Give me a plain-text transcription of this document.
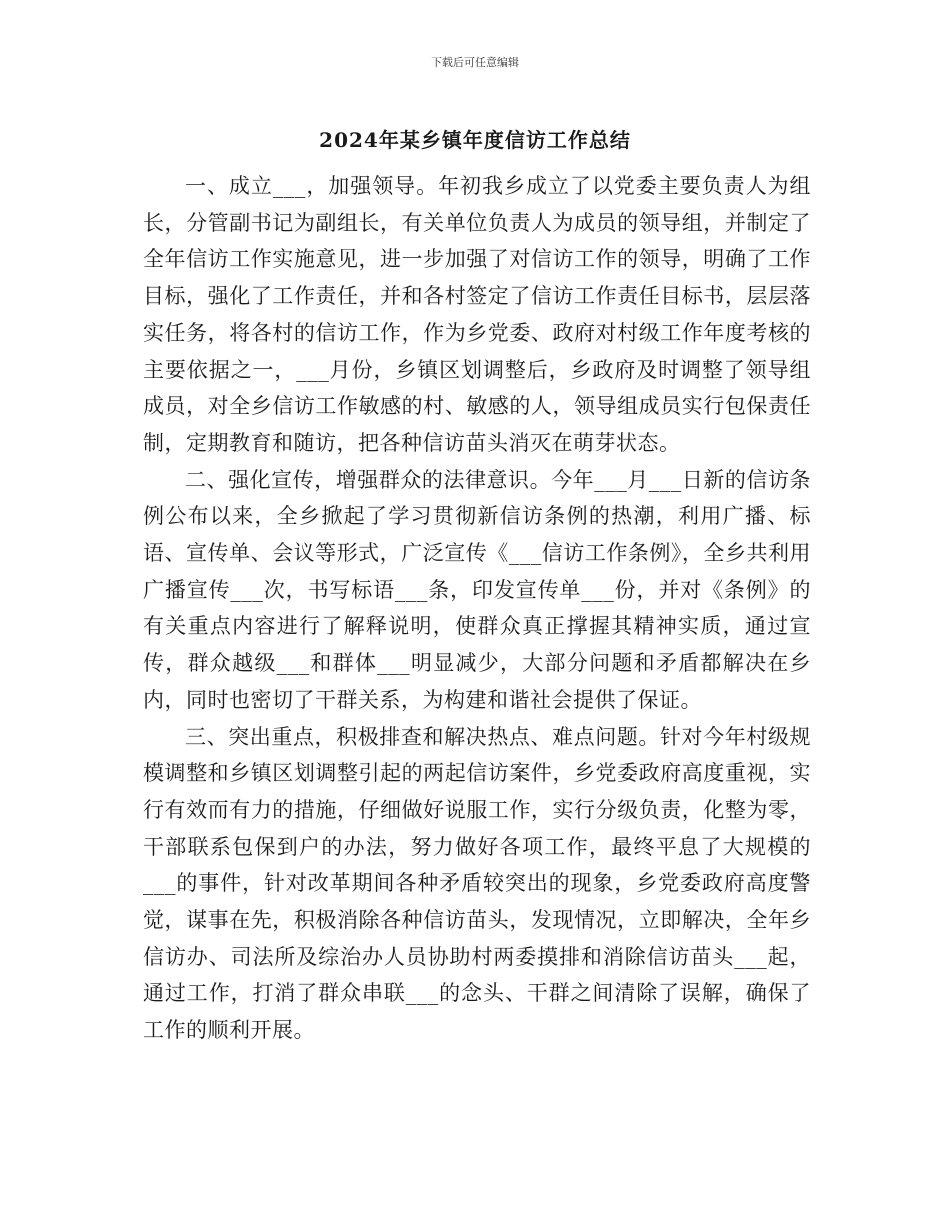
下载后可任意编辑
2024年某乡镇年度信访工作总结

一、成立___，加强领导。年初我乡成立了以党委主要负责人为组长，分管副书记为副组长，有关单位负责人为成员的领导组，并制定了全年信访工作实施意见，进一步加强了对信访工作的领导，明确了工作目标，强化了工作责任，并和各村签定了信访工作责任目标书，层层落实任务，将各村的信访工作，作为乡党委、政府对村级工作年度考核的主要依据之一，___月份，乡镇区划调整后，乡政府及时调整了领导组成员，对全乡信访工作敏感的村、敏感的人，领导组成员实行包保责任制，定期教育和随访，把各种信访苗头消灭在萌芽状态。

二、强化宣传，增强群众的法律意识。今年___月___日新的信访条例公布以来，全乡掀起了学习贯彻新信访条例的热潮，利用广播、标语、宣传单、会议等形式，广泛宣传《___信访工作条例》，全乡共利用广播宣传___次，书写标语___条，印发宣传单___份，并对《条例》的有关重点内容进行了解释说明，使群众真正撑握其精神实质，通过宣传，群众越级___和群体___明显减少，大部分问题和矛盾都解决在乡内，同时也密切了干群关系，为构建和谐社会提供了保证。

三、突出重点，积极排查和解决热点、难点问题。针对今年村级规模调整和乡镇区划调整引起的两起信访案件，乡党委政府高度重视，实行有效而有力的措施，仔细做好说服工作，实行分级负责，化整为零，干部联系包保到户的办法，努力做好各项工作，最终平息了大规模的___的事件，针对改革期间各种矛盾较突出的现象，乡党委政府高度警觉，谋事在先，积极消除各种信访苗头，发现情况，立即解决，全年乡信访办、司法所及综治办人员协助村两委摸排和消除信访苗头___起，通过工作，打消了群众串联___的念头、干群之间清除了误解，确保了工作的顺利开展。
